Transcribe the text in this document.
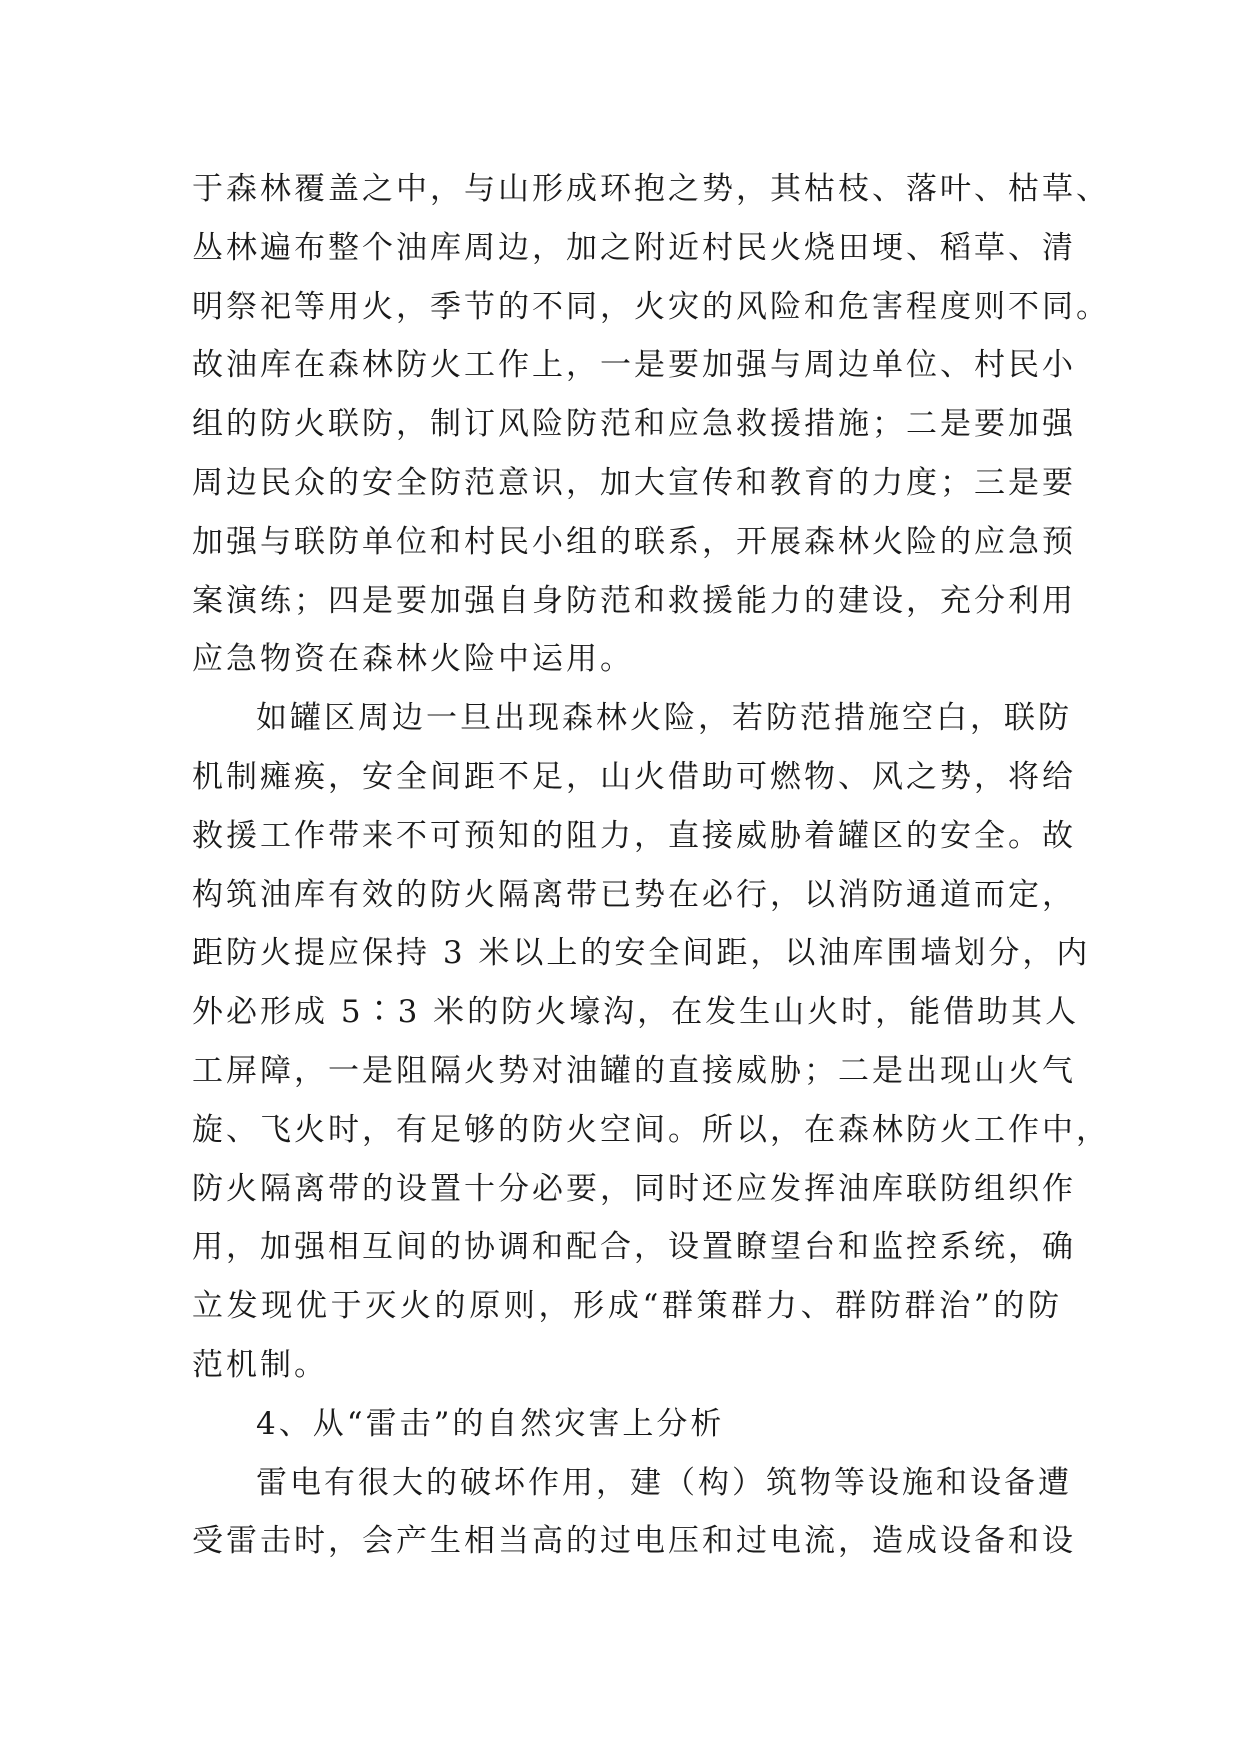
于森林覆盖之中，与山形成环抱之势，其枯枝、落叶、枯草、
丛林遍布整个油库周边，加之附近村民火烧田埂、稻草、清
明祭祀等用火，季节的不同，火灾的风险和危害程度则不同。
故油库在森林防火工作上，一是要加强与周边单位、村民小
组的防火联防，制订风险防范和应急救援措施；二是要加强
周边民众的安全防范意识，加大宣传和教育的力度；三是要
加强与联防单位和村民小组的联系，开展森林火险的应急预
案演练；四是要加强自身防范和救援能力的建设，充分利用
应急物资在森林火险中运用。
如罐区周边一旦出现森林火险，若防范措施空白，联防
机制瘫痪，安全间距不足，山火借助可燃物、风之势，将给
救援工作带来不可预知的阻力，直接威胁着罐区的安全。故
构筑油库有效的防火隔离带已势在必行，以消防通道而定，
距防火提应保持 3 米以上的安全间距，以油库围墙划分，内
外必形成 5∶3 米的防火壕沟，在发生山火时，能借助其人
工屏障，一是阻隔火势对油罐的直接威胁；二是出现山火气
旋、飞火时，有足够的防火空间。所以，在森林防火工作中，
防火隔离带的设置十分必要，同时还应发挥油库联防组织作
用，加强相互间的协调和配合，设置瞭望台和监控系统，确
立发现优于灭火的原则，形成“群策群力、群防群治”的防
范机制。
4、从“雷击”的自然灾害上分析
雷电有很大的破坏作用，建（构）筑物等设施和设备遭
受雷击时，会产生相当高的过电压和过电流，造成设备和设
